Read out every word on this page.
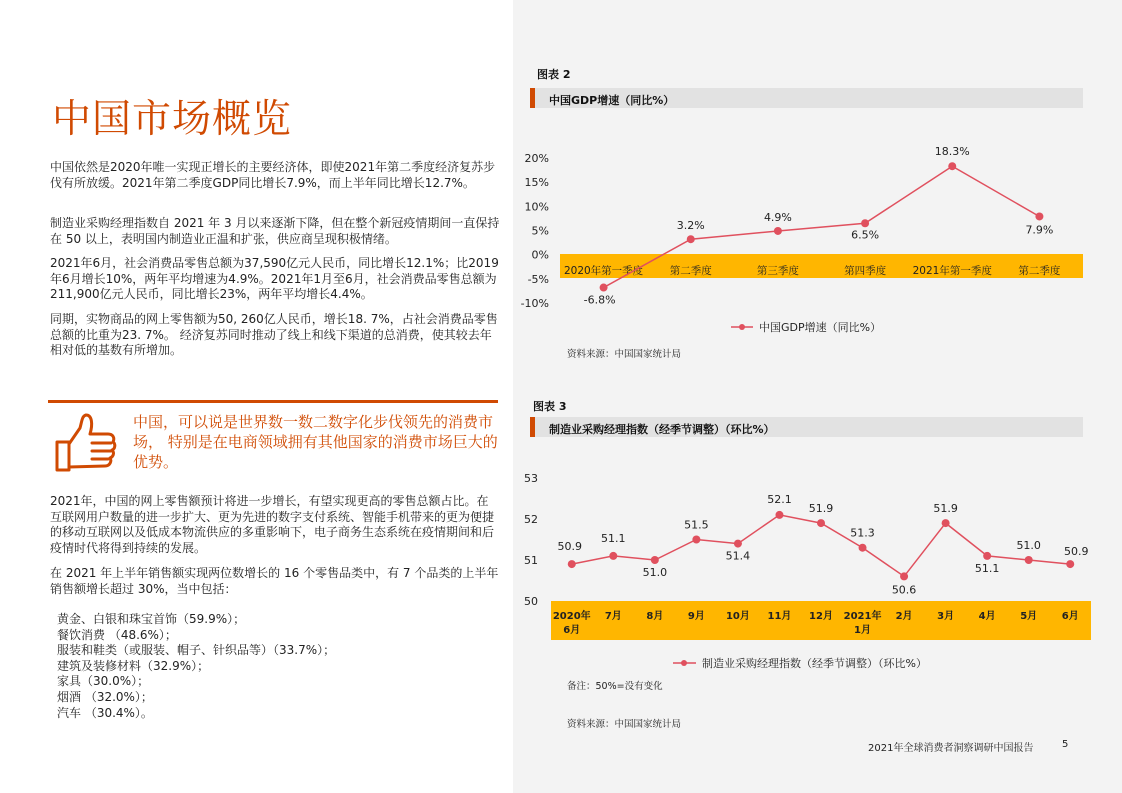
中国市场概览

中国依然是2020年唯一实现正增长的主要经济体，即使2021年第二季度经济复苏步伐有所放缓。2021年第二季度GDP同比增长7.9%，而上半年同比增长12.7%。

制造业采购经理指数自 2021 年 3 月以来逐渐下降，但在整个新冠疫情期间一直保持在 50 以上，表明国内制造业正温和扩张，供应商呈现积极情绪。

2021年6月，社会消费品零售总额为37,590亿元人民币，同比增长12.1%；比2019年6月增长10%，两年平均增速为4.9%。2021年1月至6月，社会消费品零售总额为211,900亿元人民币，同比增长23%，两年平均增长4.4%。

同期，实物商品的网上零售额为50, 260亿人民币，增长18. 7%，占社会消费品零售总额的比重为23. 7%。 经济复苏同时推动了线上和线下渠道的总消费，使其较去年相对低的基数有所增加。

中国，可以说是世界数一数二数字化步伐领先的消费市场， 特别是在电商领域拥有其他国家的消费市场巨大的优势。

2021年，中国的网上零售额预计将进一步增长，有望实现更高的零售总额占比。在互联网用户数量的进一步扩大、更为先进的数字支付系统、智能手机带来的更为便捷的移动互联网以及低成本物流供应的多重影响下，电子商务生态系统在疫情期间和后疫情时代将得到持续的发展。

在 2021 年上半年销售额实现两位数增长的 16 个零售品类中，有 7 个品类的上半年销售额增长超过 30%，当中包括：

黄金、白银和珠宝首饰（59.9%）；
餐饮消费 （48.6%）；
服装和鞋类（或服装、帽子、针织品等）（33.7%）；
建筑及装修材料（32.9%）；
家具（30.0%）；
烟酒 （32.0%）；
汽车 （30.4%）。
图表 2
中国GDP增速（同比%）
-10%
-5%
0%
5%
10%
15%
20%
2020年第一季度	第二季度	第三季度	第四季度	2021年第一季度	第二季度
-6.8%
3.2%
4.9%
6.5%
18.3%
7.9%
中国GDP增速（同比%）
资料来源：中国国家统计局
图表 3
制造业采购经理指数（经季节调整）（环比%）
50
51
52
53
2020年
6月
7月 8月 9月 10月 11月 12月 2021年
1月
2月 3月 4月 5月 6月
50.9
51.1
51.0
51.5
51.4
52.1
51.9
51.3
50.6
51.9
51.1
51.0 50.9
制造业采购经理指数（经季节调整）（环比%）
备注：50%=没有变化
资料来源：中国国家统计局
2021年全球消费者洞察调研中国报告	5
